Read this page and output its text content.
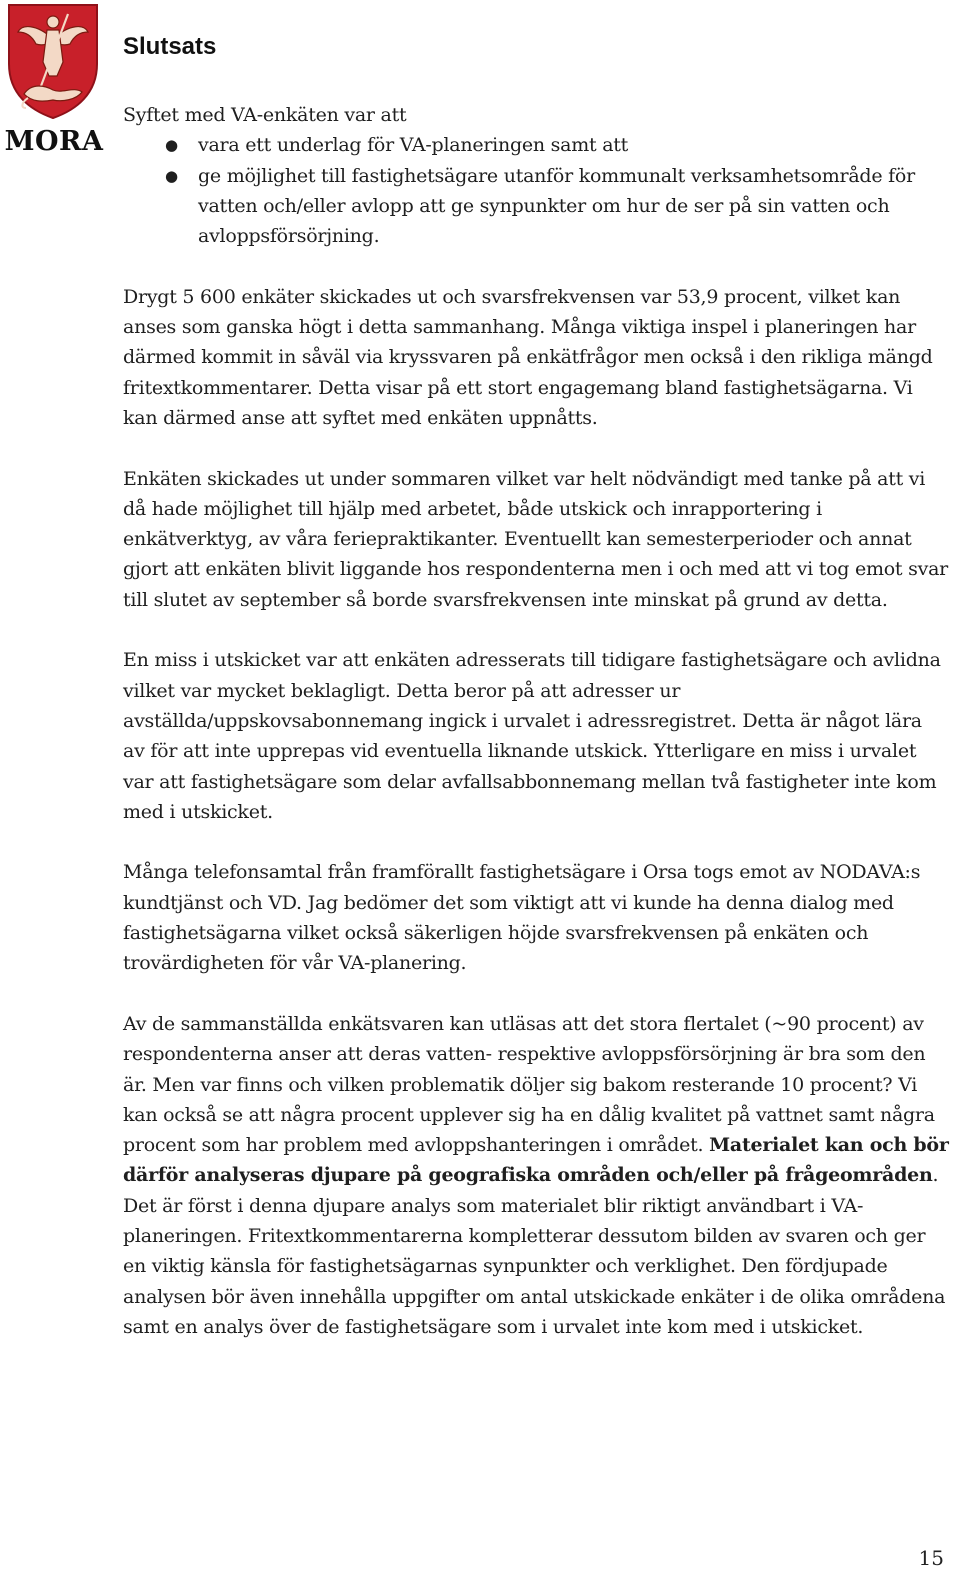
MORA
Slutsats

Syftet med VA-enkäten var att

● vara ett underlag för VA-planeringen samt att
● ge möjlighet till fastighetsägare utanför kommunalt verksamhetsområde för vatten och/eller avlopp att ge synpunkter om hur de ser på sin vatten och avloppsförsörjning.

Drygt 5 600 enkäter skickades ut och svarsfrekvensen var 53,9 procent, vilket kan anses som ganska högt i detta sammanhang. Många viktiga inspel i planeringen har därmed kommit in såväl via kryssvaren på enkätfrågor men också i den rikliga mängd fritextkommentarer. Detta visar på ett stort engagemang bland fastighetsägarna. Vi kan därmed anse att syftet med enkäten uppnåtts.

Enkäten skickades ut under sommaren vilket var helt nödvändigt med tanke på att vi då hade möjlighet till hjälp med arbetet, både utskick och inrapportering i enkätverktyg, av våra feriepraktikanter. Eventuellt kan semesterperioder och annat gjort att enkäten blivit liggande hos respondenterna men i och med att vi tog emot svar till slutet av september så borde svarsfrekvensen inte minskat på grund av detta.

En miss i utskicket var att enkäten adresserats till tidigare fastighetsägare och avlidna vilket var mycket beklagligt. Detta beror på att adresser ur avställda/uppskovsabonnemang ingick i urvalet i adressregistret. Detta är något lära av för att inte upprepas vid eventuella liknande utskick. Ytterligare en miss i urvalet var att fastighetsägare som delar avfallsabbonnemang mellan två fastigheter inte kom med i utskicket.

Många telefonsamtal från framförallt fastighetsägare i Orsa togs emot av NODAVA:s kundtjänst och VD. Jag bedömer det som viktigt att vi kunde ha denna dialog med fastighetsägarna vilket också säkerligen höjde svarsfrekvensen på enkäten och trovärdigheten för vår VA-planering.

Av de sammanställda enkätsvaren kan utläsas att det stora flertalet (~90 procent) av respondenterna anser att deras vatten- respektive avloppsförsörjning är bra som den är. Men var finns och vilken problematik döljer sig bakom resterande 10 procent? Vi kan också se att några procent upplever sig ha en dålig kvalitet på vattnet samt några procent som har problem med avloppshanteringen i området. Materialet kan och bör därför analyseras djupare på geografiska områden och/eller på frågeområden. Det är först i denna djupare analys som materialet blir riktigt användbart i VA-planeringen. Fritextkommentarerna kompletterar dessutom bilden av svaren och ger en viktig känsla för fastighetsägarnas synpunkter och verklighet. Den fördjupade analysen bör även innehålla uppgifter om antal utskickade enkäter i de olika områdena samt en analys över de fastighetsägare som i urvalet inte kom med i utskicket.

15
